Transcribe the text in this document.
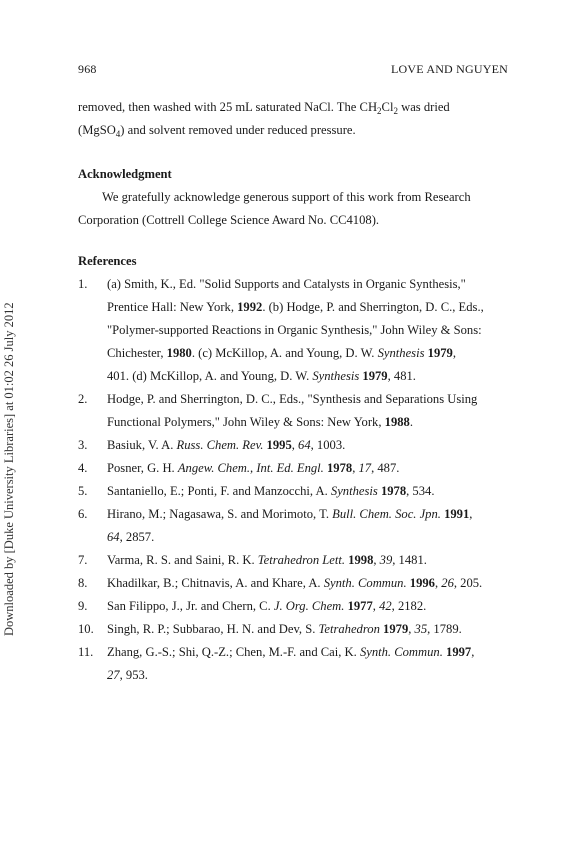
968	LOVE AND NGUYEN
Downloaded by [Duke University Libraries] at 01:02 26 July 2012
removed, then washed with 25 mL saturated NaCl. The $CH_2Cl_2$ was dried
(MgSO$_4$) and solvent removed under reduced pressure.
Acknowledgment
We gratefully acknowledge generous support of this work from Research
Corporation (Cottrell College Science Award No. CC4108).
References
1. (a) Smith, K., Ed. "Solid Supports and Catalysts in Organic Synthesis,"
Prentice Hall: New York, 1992. (b) Hodge, P. and Sherrington, D. C., Eds.,
"Polymer-supported Reactions in Organic Synthesis," John Wiley & Sons:
Chichester, 1980. (c) McKillop, A. and Young, D. W. Synthesis 1979,
401. (d) McKillop, A. and Young, D. W. Synthesis 1979, 481.
2. Hodge, P. and Sherrington, D. C., Eds., "Synthesis and Separations Using
Functional Polymers," John Wiley & Sons: New York, 1988.
3. Basiuk, V. A. Russ. Chem. Rev. 1995, 64, 1003.
4. Posner, G. H. Angew. Chem., Int. Ed. Engl. 1978, 17, 487.
5. Santaniello, E.; Ponti, F. and Manzocchi, A. Synthesis 1978, 534.
6. Hirano, M.; Nagasawa, S. and Morimoto, T. Bull. Chem. Soc. Jpn. 1991,
64, 2857.
7. Varma, R. S. and Saini, R. K. Tetrahedron Lett. 1998, 39, 1481.
8. Khadilkar, B.; Chitnavis, A. and Khare, A. Synth. Commun. 1996, 26, 205.
9. San Filippo, J., Jr. and Chern, C. J. Org. Chem. 1977, 42, 2182.
10. Singh, R. P.; Subbarao, H. N. and Dev, S. Tetrahedron 1979, 35, 1789.
11. Zhang, G.-S.; Shi, Q.-Z.; Chen, M.-F. and Cai, K. Synth. Commun. 1997,
27, 953.
